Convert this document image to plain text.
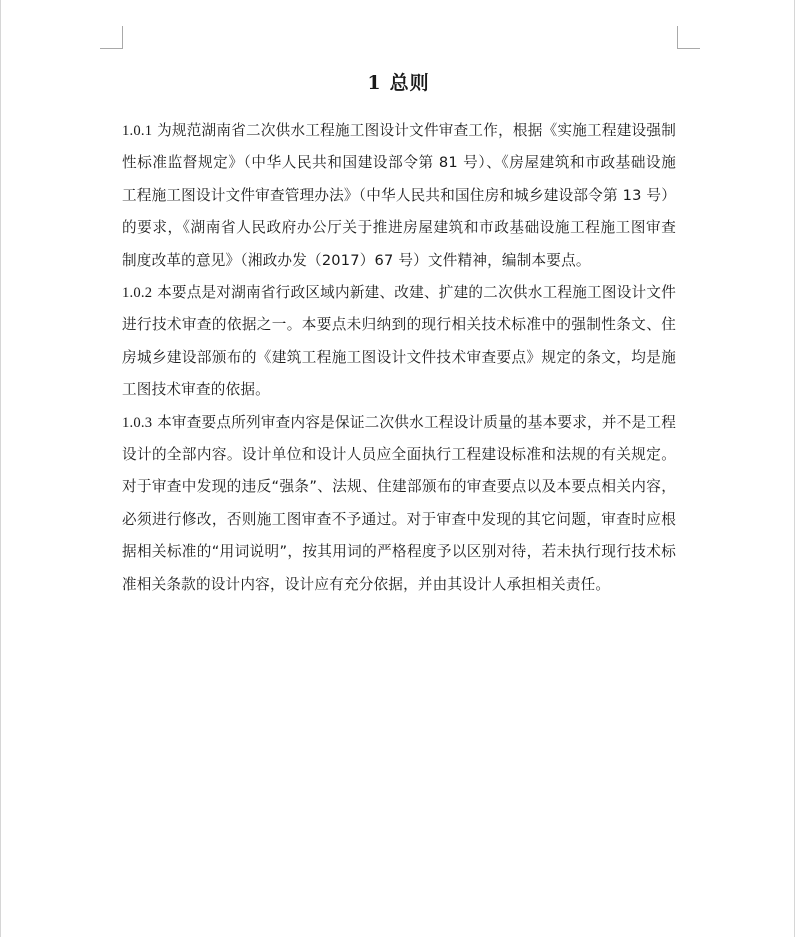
1 总则

1.0.1 为规范湖南省二次供水工程施工图设计文件审查工作，根据《实施工程建设强制性标准监督规定》（中华人民共和国建设部令第 81 号）、《房屋建筑和市政基础设施工程施工图设计文件审查管理办法》（中华人民共和国住房和城乡建设部令第 13 号）的要求，《湖南省人民政府办公厅关于推进房屋建筑和市政基础设施工程施工图审查制度改革的意见》（湘政办发（2017）67 号）文件精神，编制本要点。

1.0.2 本要点是对湖南省行政区域内新建、改建、扩建的二次供水工程施工图设计文件进行技术审查的依据之一。本要点未归纳到的现行相关技术标准中的强制性条文、住房城乡建设部颁布的《建筑工程施工图设计文件技术审查要点》规定的条文，均是施工图技术审查的依据。

1.0.3 本审查要点所列审查内容是保证二次供水工程设计质量的基本要求，并不是工程设计的全部内容。设计单位和设计人员应全面执行工程建设标准和法规的有关规定。对于审查中发现的违反“强条”、法规、住建部颁布的审查要点以及本要点相关内容，必须进行修改，否则施工图审查不予通过。对于审查中发现的其它问题，审查时应根据相关标准的“用词说明”，按其用词的严格程度予以区别对待，若未执行现行技术标准相关条款的设计内容，设计应有充分依据，并由其设计人承担相关责任。
